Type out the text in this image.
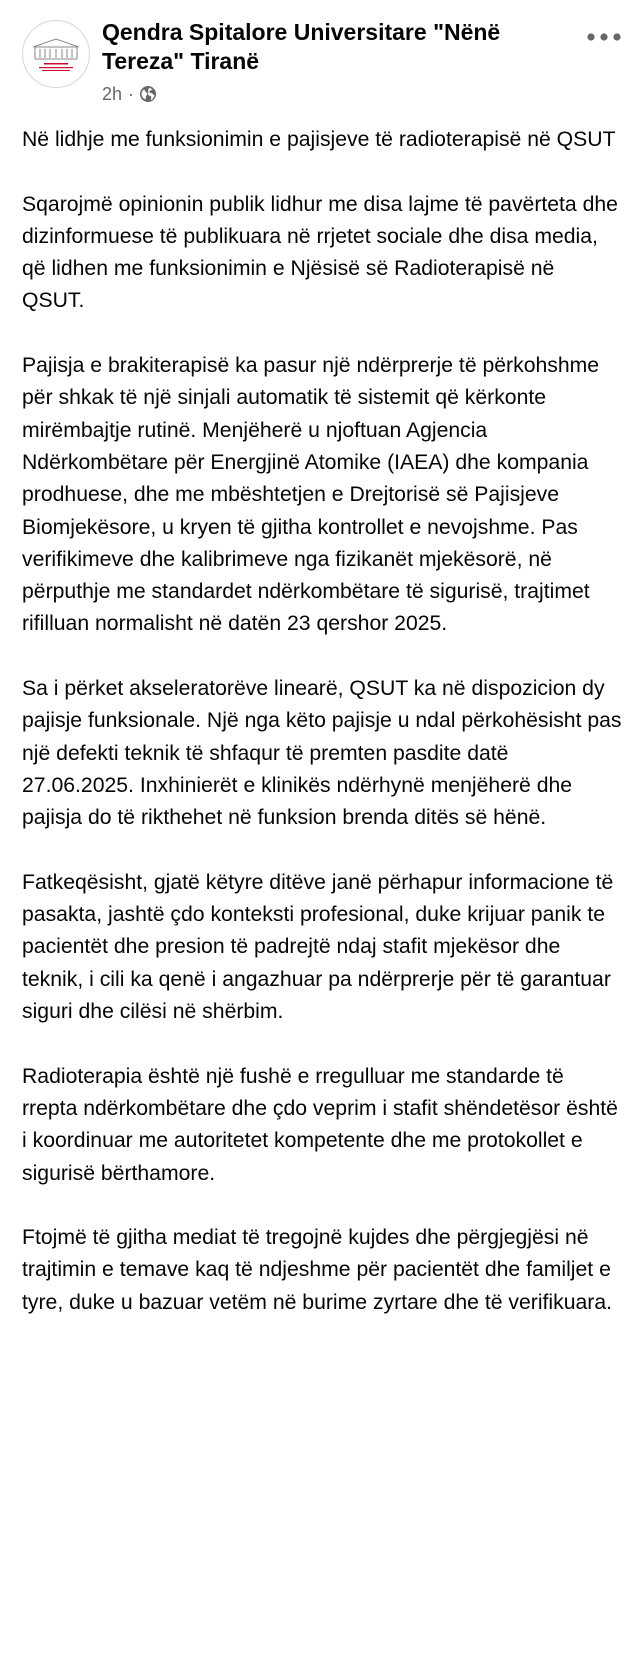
Qendra Spitalore Universitare "Nënë Tereza" Tiranë
2h ·

Në lidhje me funksionimin e pajisjeve të radioterapisë në QSUT

Sqarojmë opinionin publik lidhur me disa lajme të pavërteta dhe dizinformuese të publikuara në rrjetet sociale dhe disa media, që lidhen me funksionimin e Njësisë së Radioterapisë në QSUT.

Pajisja e brakiterapisë ka pasur një ndërprerje të përkohshme për shkak të një sinjali automatik të sistemit që kërkonte mirëmbajtje rutinë. Menjëherë u njoftuan Agjencia Ndërkombëtare për Energjinë Atomike (IAEA) dhe kompania prodhuese, dhe me mbështetjen e Drejtorisë së Pajisjeve Biomjekësore, u kryen të gjitha kontrollet e nevojshme. Pas verifikimeve dhe kalibrimeve nga fizikanët mjekësorë, në përputhje me standardet ndërkombëtare të sigurisë, trajtimet rifilluan normalisht në datën 23 qershor 2025.

Sa i përket akseleratorëve linearë, QSUT ka në dispozicion dy pajisje funksionale. Një nga këto pajisje u ndal përkohësisht pas një defekti teknik të shfaqur të premten pasdite datë 27.06.2025. Inxhinierët e klinikës ndërhynë menjëherë dhe pajisja do të rikthehet në funksion brenda ditës së hënë.

Fatkeqësisht, gjatë këtyre ditëve janë përhapur informacione të pasakta, jashtë çdo konteksti profesional, duke krijuar panik te pacientët dhe presion të padrejtë ndaj stafit mjekësor dhe teknik, i cili ka qenë i angazhuar pa ndërprerje për të garantuar siguri dhe cilësi në shërbim.

Radioterapia është një fushë e rregulluar me standarde të rrepta ndërkombëtare dhe çdo veprim i stafit shëndetësor është i koordinuar me autoritetet kompetente dhe me protokollet e sigurisë bërthamore.

Ftojmë të gjitha mediat të tregojnë kujdes dhe përgjegjësi në trajtimin e temave kaq të ndjeshme për pacientët dhe familjet e tyre, duke u bazuar vetëm në burime zyrtare dhe të verifikuara.
